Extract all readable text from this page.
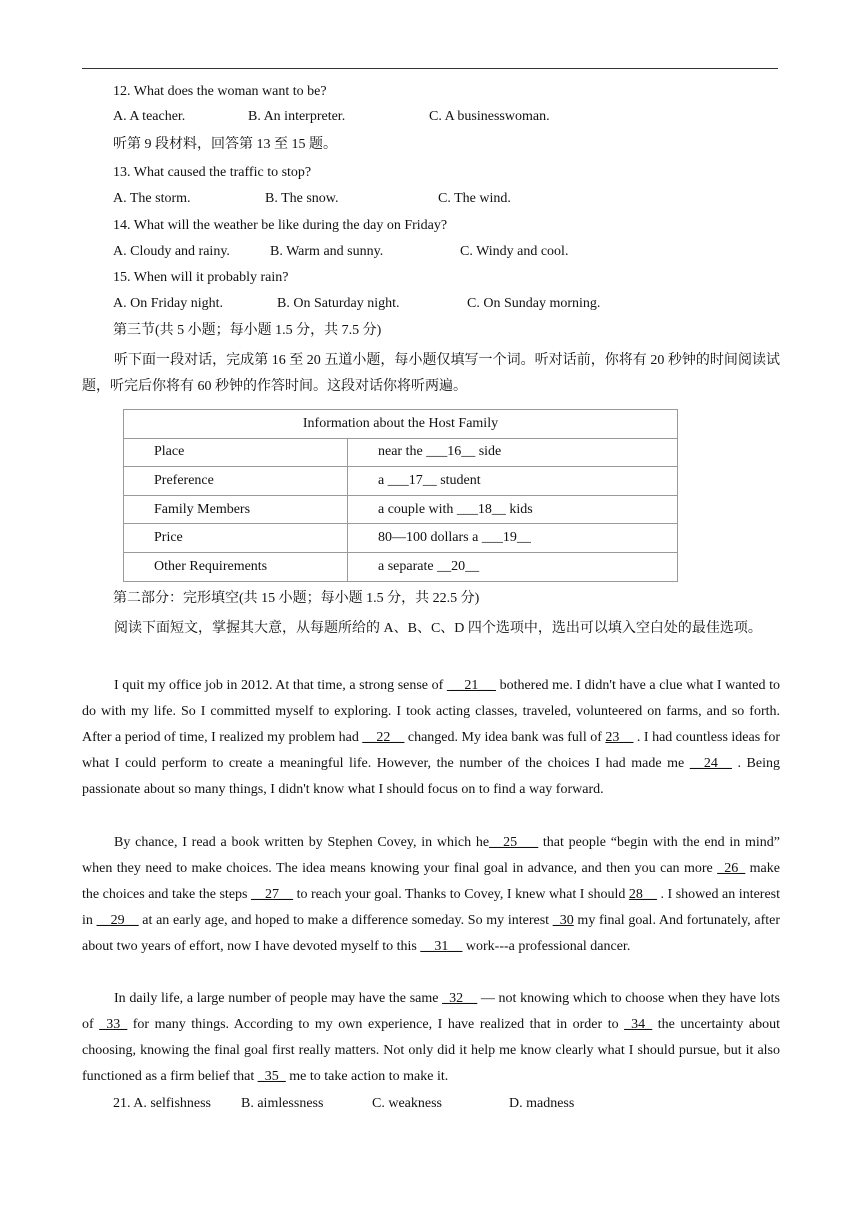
12. What does the woman want to be?
A. A teacher.	B. An interpreter.	C. A businesswoman.
听第 9 段材料，回答第 13 至 15 题。
13. What caused the traffic to stop?
A. The storm.	B. The snow.	C. The wind.
14. What will the weather be like during the day on Friday?
A. Cloudy and rainy.	B. Warm and sunny.	C. Windy and cool.
15. When will it probably rain?
A. On Friday night.	B. On Saturday night.	C. On Sunday morning.
第三节(共 5 小题；每小题 1.5 分，共 7.5 分)
听下面一段对话，完成第 16 至 20 五道小题，每小题仅填写一个词。听对话前，你将有 20 秒钟的时间阅读试题，听完后你将有 60 秒钟的作答时间。这段对话你将听两遍。
Information about the Host Family	
Place	near the ___16__ side
Preference	a ___17__ student
Family Members	a couple with ___18__ kids
Price	80—100 dollars a ___19__
Other Requirements	a separate __20__
第二部分：完形填空(共 15 小题；每小题 1.5 分，共 22.5 分)
阅读下面短文，掌握其大意，从每题所给的 A、B、C、D 四个选项中，选出可以填入空白处的最佳选项。
I quit my office job in 2012. At that time, a strong sense of  __21__  bothered me. I didn't have a clue what I wanted to do with my life. So I committed myself to exploring. I took acting classes, traveled, volunteered on farms, and so forth. After a period of time, I realized my problem had __22__ changed. My idea bank was full of 23__ . I had countless ideas for what I could perform to create a meaningful life. However, the number of the choices I had made me __24__ . Being passionate about so many things, I didn't know what I should focus on to find a way forward.
By chance, I read a book written by Stephen Covey, in which he__25___ that people “begin with the end in mind” when they need to make choices. The idea means knowing your final goal in advance, and then you can more _26_ make the choices and take the steps __27__ to reach your goal. Thanks to Covey, I knew what I should 28__ . I showed an interest in __29__ at an early age, and hoped to make a difference someday. So my interest _30 my final goal. And fortunately, after about two years of effort, now I have devoted myself to this __31__ work---a professional dancer.
In daily life, a large number of people may have the same _32__ — not knowing which to choose when they have lots of _33_ for many things. According to my own experience, I have realized that in order to _34_ the uncertainty about choosing, knowing the final goal first really matters. Not only did it help me know clearly what I should pursue, but it also functioned as a firm belief that _35_ me to take action to make it.
21. A. selfishness B. aimlessness	C. weakness	D. madness
